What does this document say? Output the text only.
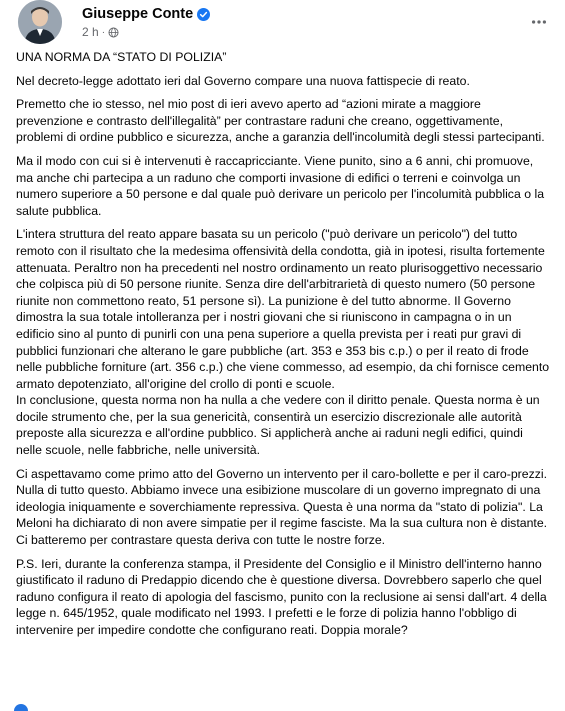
Giuseppe Conte
2 h ·

UNA NORMA DA “STATO DI POLIZIA”

Nel decreto-legge adottato ieri dal Governo compare una nuova fattispecie di reato.

Premetto che io stesso, nel mio post di ieri avevo aperto ad “azioni mirate a maggiore prevenzione e contrasto dell'illegalità” per contrastare raduni che creano, oggettivamente, problemi di ordine pubblico e sicurezza, anche a garanzia dell'incolumità degli stessi partecipanti.

Ma il modo con cui si è intervenuti è raccapricciante. Viene punito, sino a 6 anni, chi promuove, ma anche chi partecipa a un raduno che comporti invasione di edifici o terreni e coinvolga un numero superiore a 50 persone e dal quale può derivare un pericolo per l'incolumità pubblica o la salute pubblica.

L'intera struttura del reato appare basata su un pericolo ("può derivare un pericolo") del tutto remoto con il risultato che la medesima offensività della condotta, già in ipotesi, risulta fortemente attenuata. Peraltro non ha precedenti nel nostro ordinamento un reato plurisoggettivo necessario che colpisca più di 50 persone riunite. Senza dire dell'arbitrarietà di questo numero (50 persone riunite non commettono reato, 51 persone sì). La punizione è del tutto abnorme. Il Governo dimostra la sua totale intolleranza per i nostri giovani che si riuniscono in campagna o in un edificio sino al punto di punirli con una pena superiore a quella prevista per i reati pur gravi di pubblici funzionari che alterano le gare pubbliche (art. 353 e 353 bis c.p.) o per il reato di frode nelle pubbliche forniture (art. 356 c.p.) che viene commesso, ad esempio, da chi fornisce cemento armato depotenziato, all'origine del crollo di ponti e scuole.

In conclusione, questa norma non ha nulla a che vedere con il diritto penale. Questa norma è un docile strumento che, per la sua genericità, consentirà un esercizio discrezionale alle autorità preposte alla sicurezza e all'ordine pubblico. Si applicherà anche ai raduni negli edifici, quindi nelle scuole, nelle fabbriche, nelle università.

Ci aspettavamo come primo atto del Governo un intervento per il caro-bollette e per il caro-prezzi. Nulla di tutto questo. Abbiamo invece una esibizione muscolare di un governo impregnato di una ideologia iniquamente e soverchiamente repressiva. Questa è una norma da "stato di polizia". La Meloni ha dichiarato di non avere simpatie per il regime fasciste. Ma la sua cultura non è distante. Ci batteremo per contrastare questa deriva con tutte le nostre forze.

P.S. Ieri, durante la conferenza stampa, il Presidente del Consiglio e il Ministro dell'interno hanno giustificato il raduno di Predappio dicendo che è questione diversa. Dovrebbero saperlo che quel raduno configura il reato di apologia del fascismo, punito con la reclusione ai sensi dall'art. 4 della legge n. 645/1952, quale modificato nel 1993. I prefetti e le forze di polizia hanno l'obbligo di intervenire per impedire condotte che configurano reati. Doppia morale?
